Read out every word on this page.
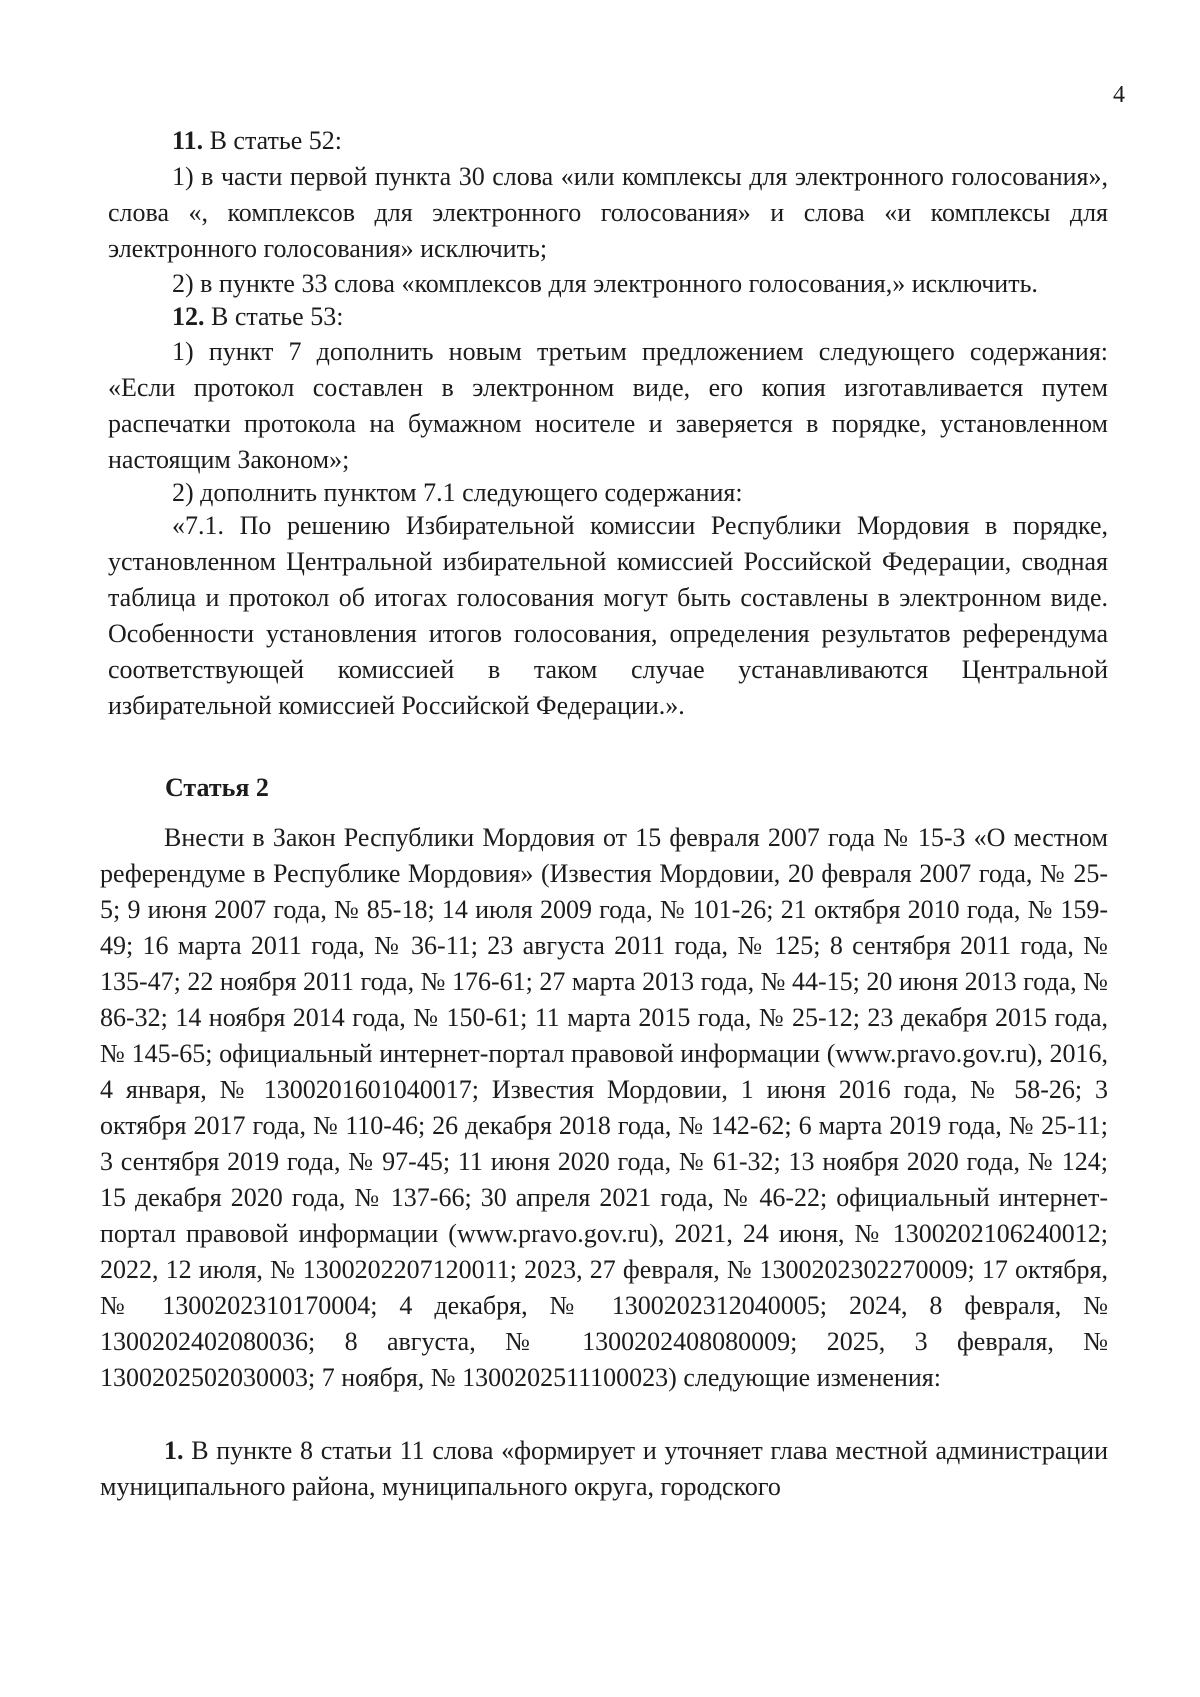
4
11. В статье 52:
1) в части первой пункта 30 слова «или комплексы для электронного голосования», слова «, комплексов для электронного голосования» и слова «и комплексы для электронного голосования» исключить;
2) в пункте 33 слова «комплексов для электронного голосования,» исключить.
12. В статье 53:
1) пункт 7 дополнить новым третьим предложением следующего содержания: «Если протокол составлен в электронном виде, его копия изготавливается путем распечатки протокола на бумажном носителе и заверяется в порядке, установленном настоящим Законом»;
2) дополнить пунктом 7.1 следующего содержания:
«7.1. По решению Избирательной комиссии Республики Мордовия в порядке, установленном Центральной избирательной комиссией Российской Федерации, сводная таблица и протокол об итогах голосования могут быть составлены в электронном виде. Особенности установления итогов голосования, определения результатов референдума соответствующей комиссией в таком случае устанавливаются Центральной избирательной комиссией Российской Федерации.».
Статья 2
Внести в Закон Республики Мордовия от 15 февраля 2007 года № 15-З «О местном референдуме в Республике Мордовия» (Известия Мордовии, 20 февраля 2007 года, № 25-5; 9 июня 2007 года, № 85-18; 14 июля 2009 года, № 101-26; 21 октября 2010 года, № 159-49; 16 марта 2011 года, № 36-11; 23 августа 2011 года, № 125; 8 сентября 2011 года, № 135-47; 22 ноября 2011 года, № 176-61; 27 марта 2013 года, № 44-15; 20 июня 2013 года, № 86-32; 14 ноября 2014 года, № 150-61; 11 марта 2015 года, № 25-12; 23 декабря 2015 года, № 145-65; официальный интернет-портал правовой информации (www.pravo.gov.ru), 2016, 4 января, № 1300201601040017; Известия Мордовии, 1 июня 2016 года, № 58-26; 3 октября 2017 года, № 110-46; 26 декабря 2018 года, № 142-62; 6 марта 2019 года, № 25-11; 3 сентября 2019 года, № 97-45; 11 июня 2020 года, № 61-32; 13 ноября 2020 года, № 124; 15 декабря 2020 года, № 137-66; 30 апреля 2021 года, № 46-22; официальный интернет-портал правовой информации (www.pravo.gov.ru), 2021, 24 июня, № 1300202106240012; 2022, 12 июля, № 1300202207120011; 2023, 27 февраля, № 1300202302270009; 17 октября, № 1300202310170004; 4 декабря, № 1300202312040005; 2024, 8 февраля, № 1300202402080036; 8 августа, № 1300202408080009; 2025, 3 февраля, № 1300202502030003; 7 ноября, № 1300202511100023) следующие изменения:
1. В пункте 8 статьи 11 слова «формирует и уточняет глава местной администрации муниципального района, муниципального округа, городского
